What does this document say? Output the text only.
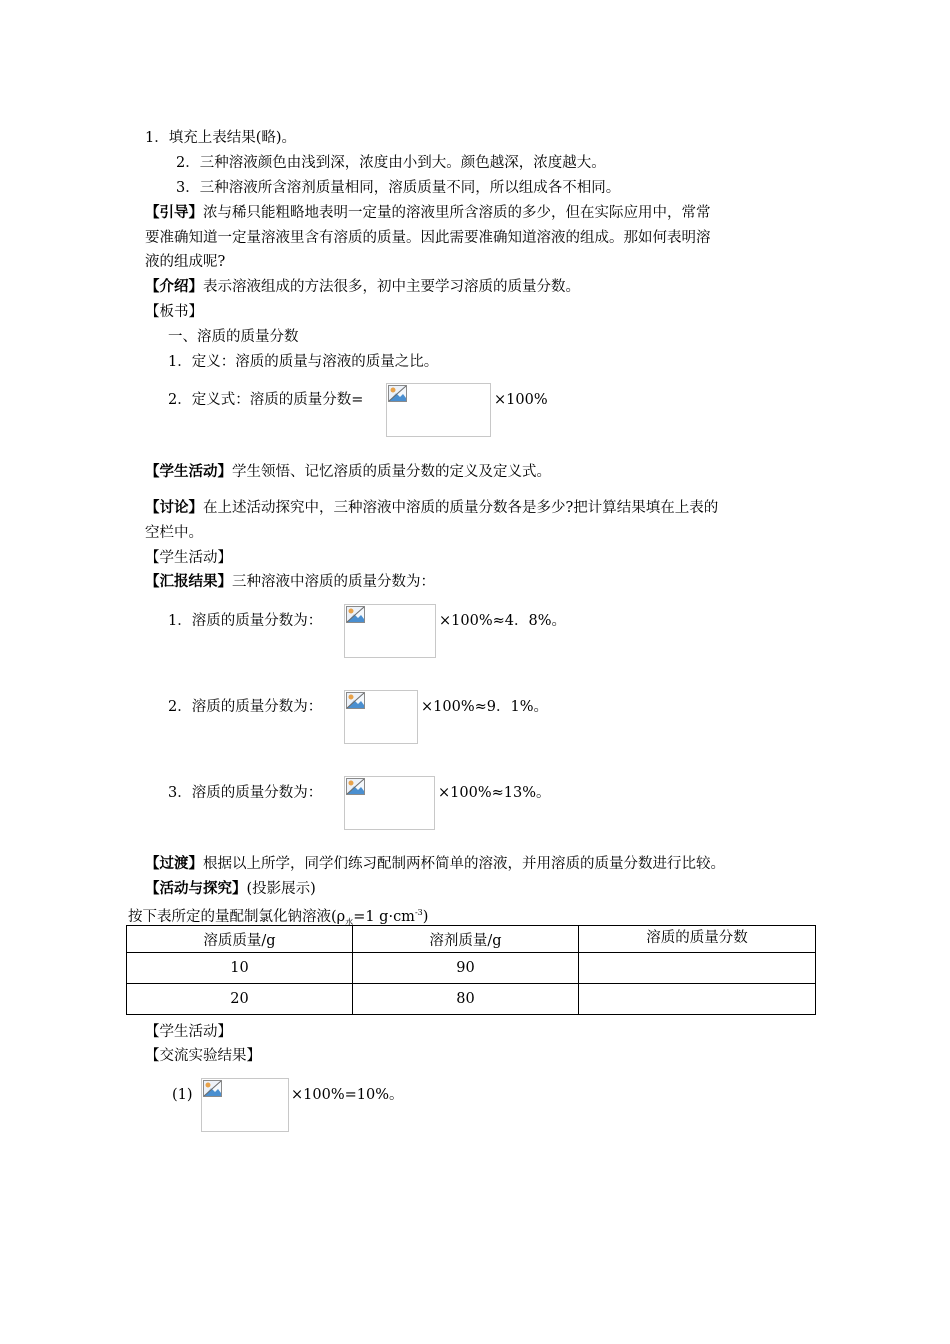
1．填充上表结果(略)。
2．三种溶液颜色由浅到深，浓度由小到大。颜色越深，浓度越大。
3．三种溶液所含溶剂质量相同，溶质质量不同，所以组成各不相同。
【引导】浓与稀只能粗略地表明一定量的溶液里所含溶质的多少，但在实际应用中，常常
要准确知道一定量溶液里含有溶质的质量。因此需要准确知道溶液的组成。那如何表明溶
液的组成呢?
【介绍】表示溶液组成的方法很多，初中主要学习溶质的质量分数。
【板书】
一、溶质的质量分数
1．定义：溶质的质量与溶液的质量之比。
2．定义式：溶质的质量分数=	×100%
【学生活动】学生领悟、记忆溶质的质量分数的定义及定义式。
【讨论】在上述活动探究中，三种溶液中溶质的质量分数各是多少?把计算结果填在上表的
空栏中。
【学生活动】
【汇报结果】三种溶液中溶质的质量分数为：
1．溶质的质量分数为：	×100%≈4．8%。
2．溶质的质量分数为：	×100%≈9．1%。
3．溶质的质量分数为：	×100%≈13%。
【过渡】根据以上所学，同学们练习配制两杯简单的溶液，并用溶质的质量分数进行比较。
【活动与探究】(投影展示)
按下表所定的量配制氯化钠溶液($\rho_水=1$ $g\cdot cm^{-3}$)
溶质质量/g	溶剂质量/g	溶质的质量分数
10	90	
20	80	
【学生活动】
【交流实验结果】
(1)	×100%=10%。
